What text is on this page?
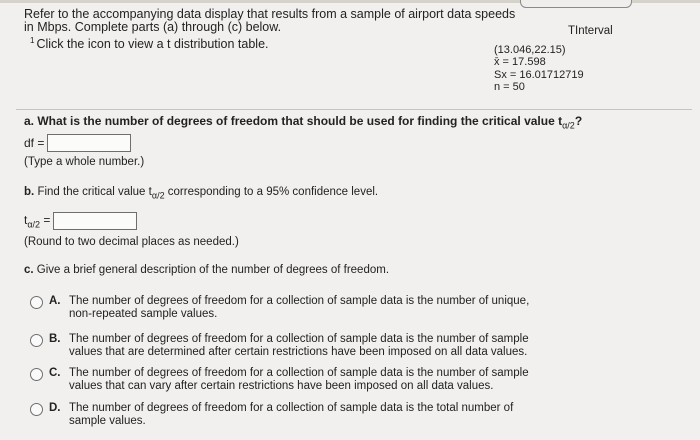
Refer to the accompanying data display that results from a sample of airport data speeds
in Mbps. Complete parts (a) through (c) below.
$^1$ Click the icon to view a t distribution table.
TInterval
(13.046,22.15)
x̄ = 17.598
Sx = 16.01712719
n = 50
a. What is the number of degrees of freedom that should be used for finding the critical value $t_{\alpha/2}$?
df =
(Type a whole number.)
b. Find the critical value $t_{\alpha/2}$ corresponding to a 95% confidence level.
$t_{\alpha/2}$ =
(Round to two decimal places as needed.)
c. Give a brief general description of the number of degrees of freedom.
A. The number of degrees of freedom for a collection of sample data is the number of unique, non-repeated sample values.
B. The number of degrees of freedom for a collection of sample data is the number of sample values that are determined after certain restrictions have been imposed on all data values.
C. The number of degrees of freedom for a collection of sample data is the number of sample values that can vary after certain restrictions have been imposed on all data values.
D. The number of degrees of freedom for a collection of sample data is the total number of sample values.
